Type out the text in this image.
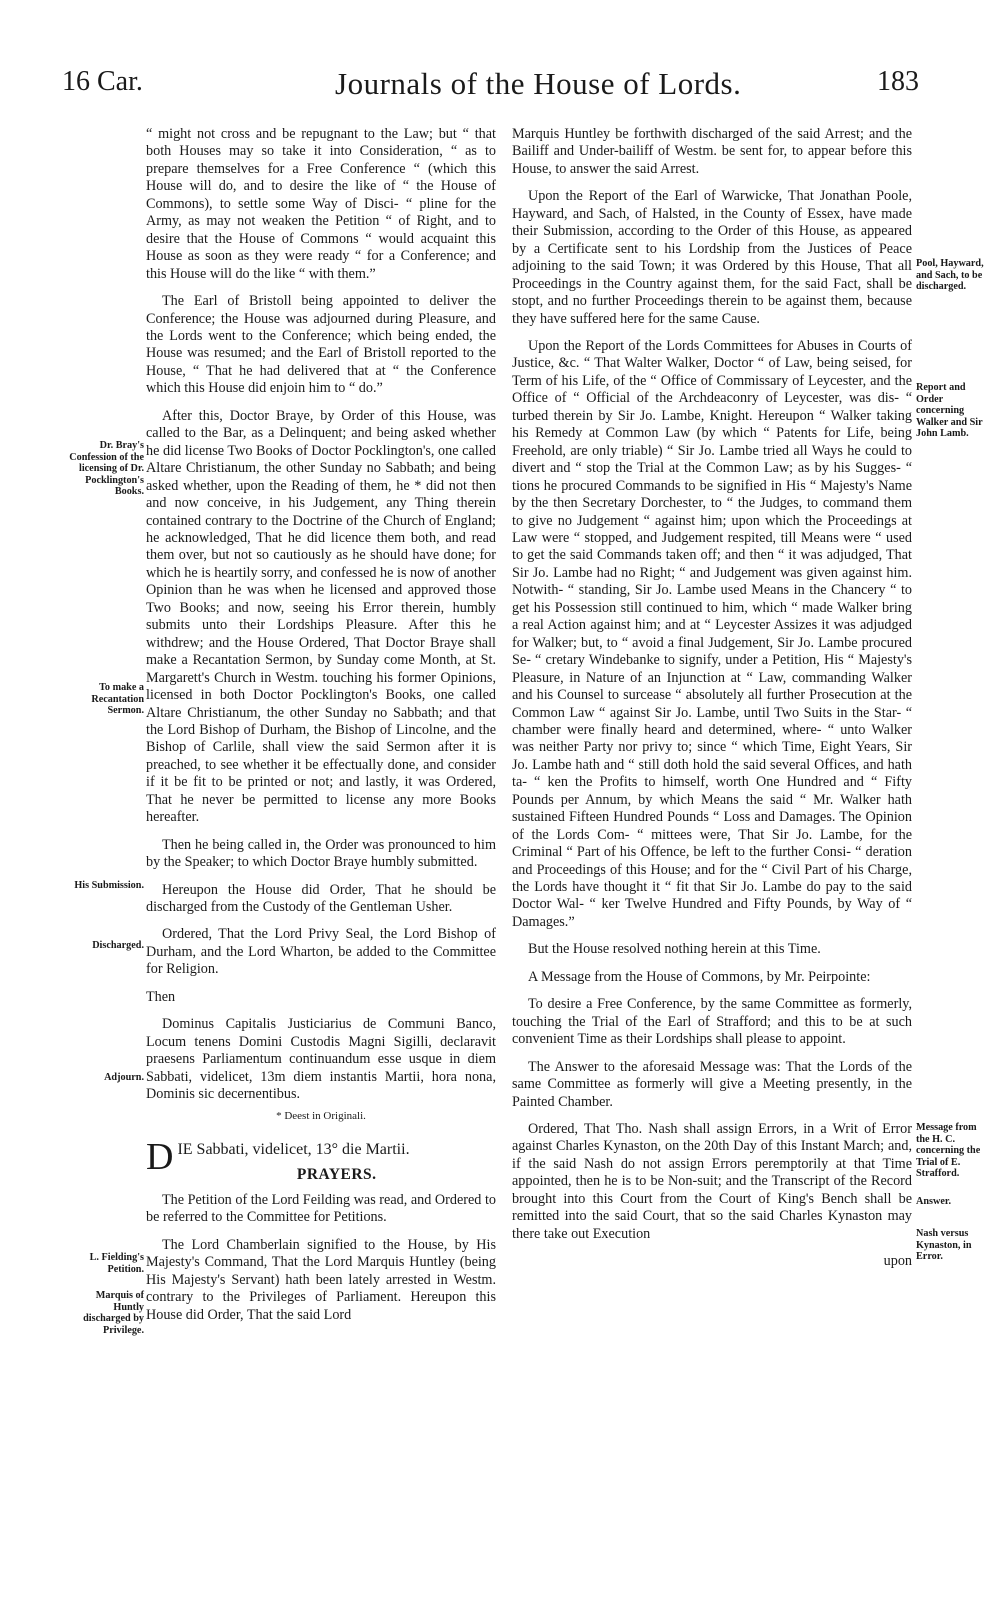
16 Car.	Journals of the House of Lords.	183

“ might not cross and be repugnant to the Law; but “ that both Houses may so take it into Consideration, “ as to prepare themselves for a Free Conference “ (which this House will do, and to desire the like of “ the House of Commons), to settle some Way of Disci- “ pline for the Army, as may not weaken the Petition “ of Right, and to desire that the House of Commons “ would acquaint this House as soon as they were ready “ for a Conference; and this House will do the like “ with them.”

The Earl of Bristoll being appointed to deliver the Conference; the House was adjourned during Pleasure, and the Lords went to the Conference; which being ended, the House was resumed; and the Earl of Bristoll reported to the House, “ That he had delivered that at “ the Conference which this House did enjoin him to “ do.”

After this, Doctor Braye, by Order of this House, was called to the Bar, as a Delinquent; and being asked whether he did license Two Books of Doctor Pocklington's, one called Altare Christianum, the other Sunday no Sabbath; and being asked whether, upon the Reading of them, he * did not then and now conceive, in his Judgement, any Thing therein contained contrary to the Doctrine of the Church of England; he acknowledged, That he did licence them both, and read them over, but not so cautiously as he should have done; for which he is heartily sorry, and confessed he is now of another Opinion than he was when he licensed and approved those Two Books; and now, seeing his Error therein, humbly submits unto their Lordships Pleasure. After this he withdrew; and the House Ordered, That Doctor Braye shall make a Recantation Sermon, by Sunday come Month, at St. Margarett's Church in Westm. touching his former Opinions, licensed in both Doctor Pocklington's Books, one called Altare Christianum, the other Sunday no Sabbath; and that the Lord Bishop of Durham, the Bishop of Lincolne, and the Bishop of Carlile, shall view the said Sermon after it is preached, to see whether it be effectually done, and consider if it be fit to be printed or not; and lastly, it was Ordered, That he never be permitted to license any more Books hereafter.

Then he being called in, the Order was pronounced to him by the Speaker; to which Doctor Braye humbly submitted.

Hereupon the House did Order, That he should be discharged from the Custody of the Gentleman Usher.

Ordered, That the Lord Privy Seal, the Lord Bishop of Durham, and the Lord Wharton, be added to the Committee for Religion.

Then

Dominus Capitalis Justiciarius de Communi Banco, Locum tenens Domini Custodis Magni Sigilli, declaravit praesens Parliamentum continuandum esse usque in diem Sabbati, videlicet, 13m diem instantis Martii, hora nona, Dominis sic decernentibus.

* Deest in Originali.

D IE Sabbati, videlicet, 13° die Martii.
PRAYERS.

The Petition of the Lord Feilding was read, and Ordered to be referred to the Committee for Petitions.

The Lord Chamberlain signified to the House, by His Majesty's Command, That the Lord Marquis Huntley (being His Majesty's Servant) hath been lately arrested in Westm. contrary to the Privileges of Parliament. Hereupon this House did Order, That the said Lord

Marquis Huntley be forthwith discharged of the said Arrest; and the Bailiff and Under-bailiff of Westm. be sent for, to appear before this House, to answer the said Arrest.

Upon the Report of the Earl of Warwicke, That Jonathan Poole, Hayward, and Sach, of Halsted, in the County of Essex, have made their Submission, according to the Order of this House, as appeared by a Certificate sent to his Lordship from the Justices of Peace adjoining to the said Town; it was Ordered by this House, That all Proceedings in the Country against them, for the said Fact, shall be stopt, and no further Proceedings therein to be against them, because they have suffered here for the same Cause.

Upon the Report of the Lords Committees for Abuses in Courts of Justice, &c. “ That Walter Walker, Doctor “ of Law, being seised, for Term of his Life, of the “ Office of Commissary of Leycester, and the Office of “ Official of the Archdeaconry of Leycester, was dis- “ turbed therein by Sir Jo. Lambe, Knight. Hereupon “ Walker taking his Remedy at Common Law (by which “ Patents for Life, being Freehold, are only triable) “ Sir Jo. Lambe tried all Ways he could to divert and “ stop the Trial at the Common Law; as by his Sugges- “ tions he procured Commands to be signified in His “ Majesty's Name by the then Secretary Dorchester, to “ the Judges, to command them to give no Judgement “ against him; upon which the Proceedings at Law were “ stopped, and Judgement respited, till Means were “ used to get the said Commands taken off; and then “ it was adjudged, That Sir Jo. Lambe had no Right; “ and Judgement was given against him. Notwith- “ standing, Sir Jo. Lambe used Means in the Chancery “ to get his Possession still continued to him, which “ made Walker bring a real Action against him; and at “ Leycester Assizes it was adjudged for Walker; but, to “ avoid a final Judgement, Sir Jo. Lambe procured Se- “ cretary Windebanke to signify, under a Petition, His “ Majesty's Pleasure, in Nature of an Injunction at “ Law, commanding Walker and his Counsel to surcease “ absolutely all further Prosecution at the Common Law “ against Sir Jo. Lambe, until Two Suits in the Star- “ chamber were finally heard and determined, where- “ unto Walker was neither Party nor privy to; since “ which Time, Eight Years, Sir Jo. Lambe hath and “ still doth hold the said several Offices, and hath ta- “ ken the Profits to himself, worth One Hundred and “ Fifty Pounds per Annum, by which Means the said “ Mr. Walker hath sustained Fifteen Hundred Pounds “ Loss and Damages. The Opinion of the Lords Com- “ mittees were, That Sir Jo. Lambe, for the Criminal “ Part of his Offence, be left to the further Consi- “ deration and Proceedings of this House; and for the “ Civil Part of his Charge, the Lords have thought it “ fit that Sir Jo. Lambe do pay to the said Doctor Wal- “ ker Twelve Hundred and Fifty Pounds, by Way of “ Damages.”

But the House resolved nothing herein at this Time.

A Message from the House of Commons, by Mr. Peirpointe:

To desire a Free Conference, by the same Committee as formerly, touching the Trial of the Earl of Strafford; and this to be at such convenient Time as their Lordships shall please to appoint.

The Answer to the aforesaid Message was: That the Lords of the same Committee as formerly will give a Meeting presently, in the Painted Chamber.

Ordered, That Tho. Nash shall assign Errors, in a Writ of Error against Charles Kynaston, on the 20th Day of this Instant March; and, if the said Nash do not assign Errors peremptorily at that Time appointed, then he is to be Non-suit; and the Transcript of the Record brought into this Court from the Court of King's Bench shall be remitted into the said Court, that so the said Charles Kynaston may there take out Execution

upon

Dr. Bray's Confession of the licensing of Dr. Pocklington's Books.
To make a Recantation Sermon.
His Submission.
Discharged.
Adjourn.
L. Fielding's Petition.
Marquis of Huntly discharged by Privilege.
Pool, Hayward, and Sach, to be discharged.
Report and Order concerning Walker and Sir John Lamb.
Message from the H. C. concerning the Trial of E. Strafford.
Answer.
Nash versus Kynaston, in Error.
